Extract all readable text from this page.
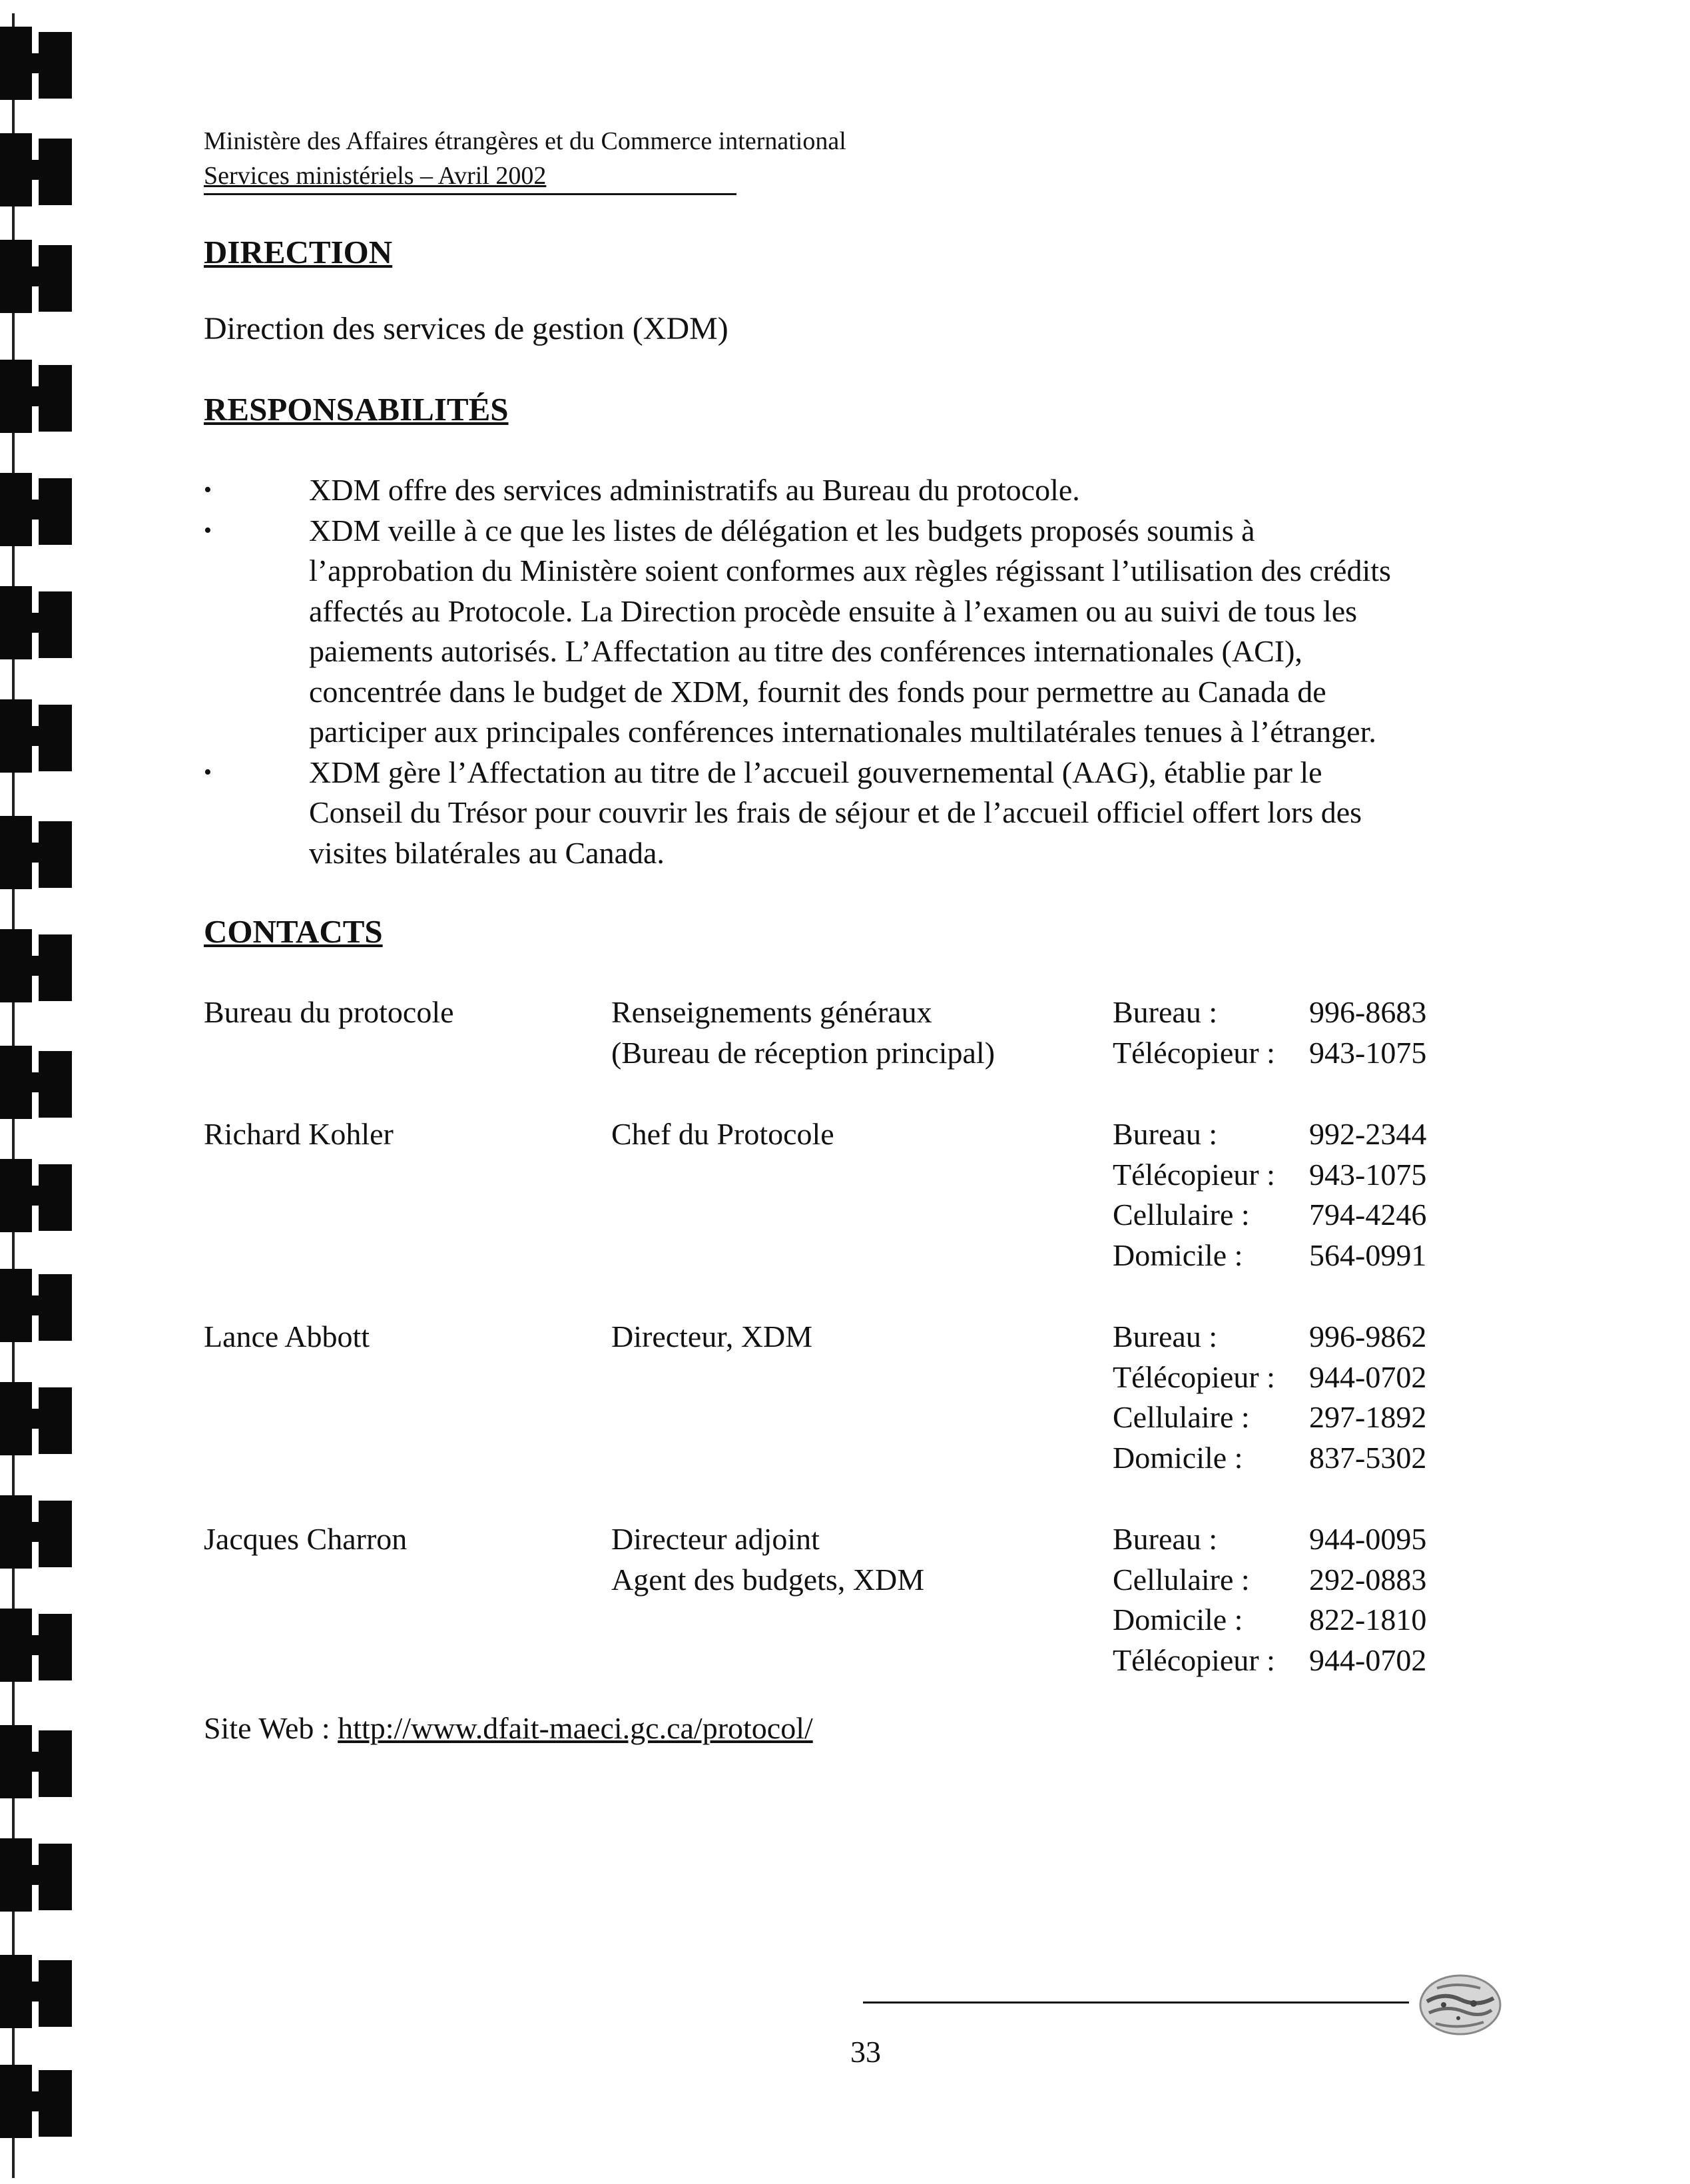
Ministère des Affaires étrangères et du Commerce international
Services ministériels – Avril 2002
DIRECTION
Direction des services de gestion (XDM)
RESPONSABILITÉS
•	XDM offre des services administratifs au Bureau du protocole.
•	XDM veille à ce que les listes de délégation et les budgets proposés soumis à
l’approbation du Ministère soient conformes aux règles régissant l’utilisation des crédits
affectés au Protocole. La Direction procède ensuite à l’examen ou au suivi de tous les
paiements autorisés. L’Affectation au titre des conférences internationales (ACI),
concentrée dans le budget de XDM, fournit des fonds pour permettre au Canada de
participer aux principales conférences internationales multilatérales tenues à l’étranger.
•	XDM gère l’Affectation au titre de l’accueil gouvernemental (AAG), établie par le
Conseil du Trésor pour couvrir les frais de séjour et de l’accueil officiel offert lors des
visites bilatérales au Canada.
CONTACTS
Bureau du protocole	Renseignements généraux
(Bureau de réception principal)
Bureau :	996-8683
Télécopieur :	943-1075
Richard Kohler	Chef du Protocole	Bureau :	992-2344
Télécopieur :	943-1075
Cellulaire :	794-4246
Domicile :	564-0991
Lance Abbott	Directeur, XDM	Bureau :	996-9862
Télécopieur :	944-0702
Cellulaire :	297-1892
Domicile :	837-5302
Jacques Charron	Directeur adjoint
Agent des budgets, XDM
Bureau :	944-0095
Cellulaire :	292-0883
Domicile :	822-1810
Télécopieur :	944-0702
Site Web : http://www.dfait-maeci.gc.ca/protocol/
33
